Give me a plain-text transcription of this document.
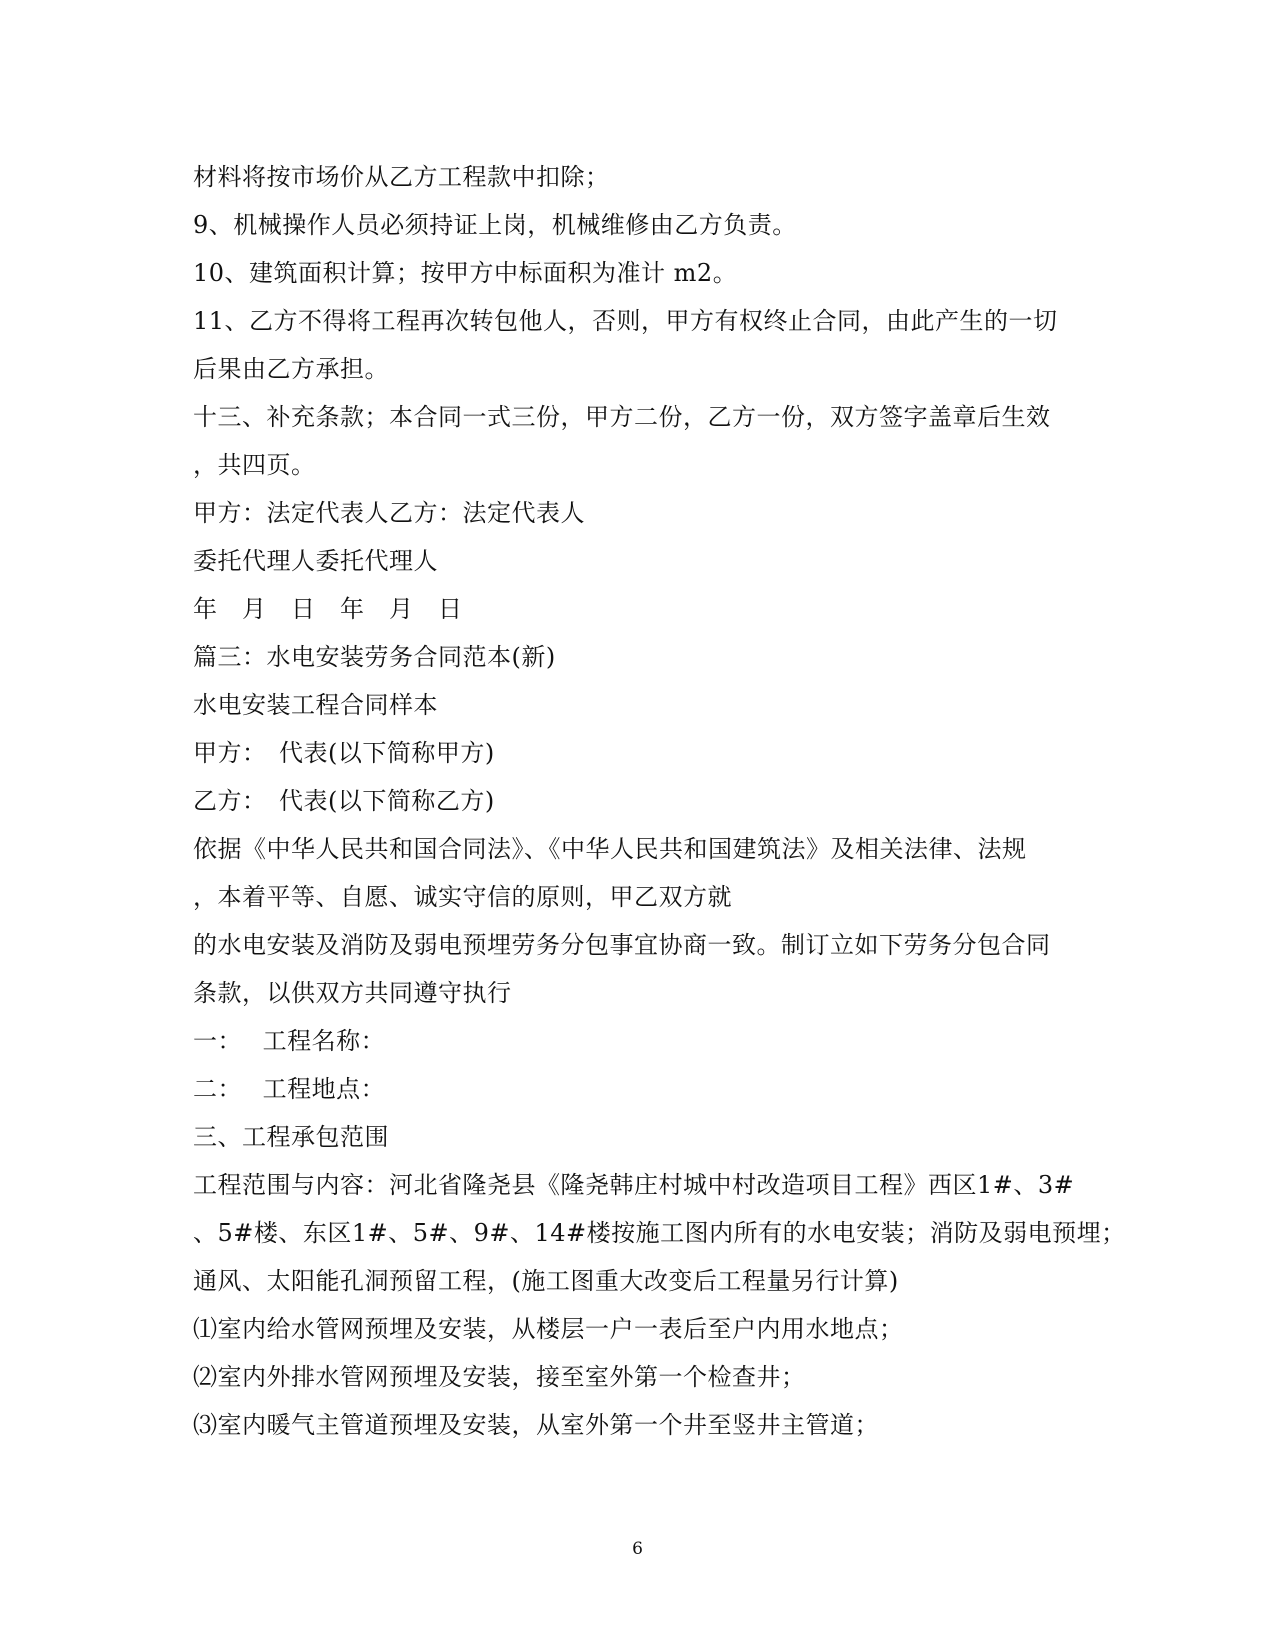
材料将按市场价从乙方工程款中扣除；
9、机械操作人员必须持证上岗，机械维修由乙方负责。
10、建筑面积计算；按甲方中标面积为准计 m2。
11、乙方不得将工程再次转包他人，否则，甲方有权终止合同，由此产生的一切
后果由乙方承担。
十三、补充条款；本合同一式三份，甲方二份，乙方一份，双方签字盖章后生效
，共四页。
甲方：法定代表人乙方：法定代表人
委托代理人委托代理人
年　月　日　年　月　日
篇三：水电安装劳务合同范本(新)
水电安装工程合同样本
甲方：　代表(以下简称甲方)
乙方：　代表(以下简称乙方)
依据《中华人民共和国合同法》、《中华人民共和国建筑法》及相关法律、法规
，本着平等、自愿、诚实守信的原则，甲乙双方就
的水电安装及消防及弱电预埋劳务分包事宜协商一致。制订立如下劳务分包合同
条款，以供双方共同遵守执行
一：　 工程名称：
二：　 工程地点：
三、工程承包范围
工程范围与内容：河北省隆尧县《隆尧韩庄村城中村改造项目工程》西区1#、3#
、5#楼、东区1#、5#、9#、14#楼按施工图内所有的水电安装；消防及弱电预埋；
通风、太阳能孔洞预留工程，(施工图重大改变后工程量另行计算)
⑴室内给水管网预埋及安装，从楼层一户一表后至户内用水地点；
⑵室内外排水管网预埋及安装，接至室外第一个检查井；
⑶室内暖气主管道预埋及安装，从室外第一个井至竖井主管道；
6
